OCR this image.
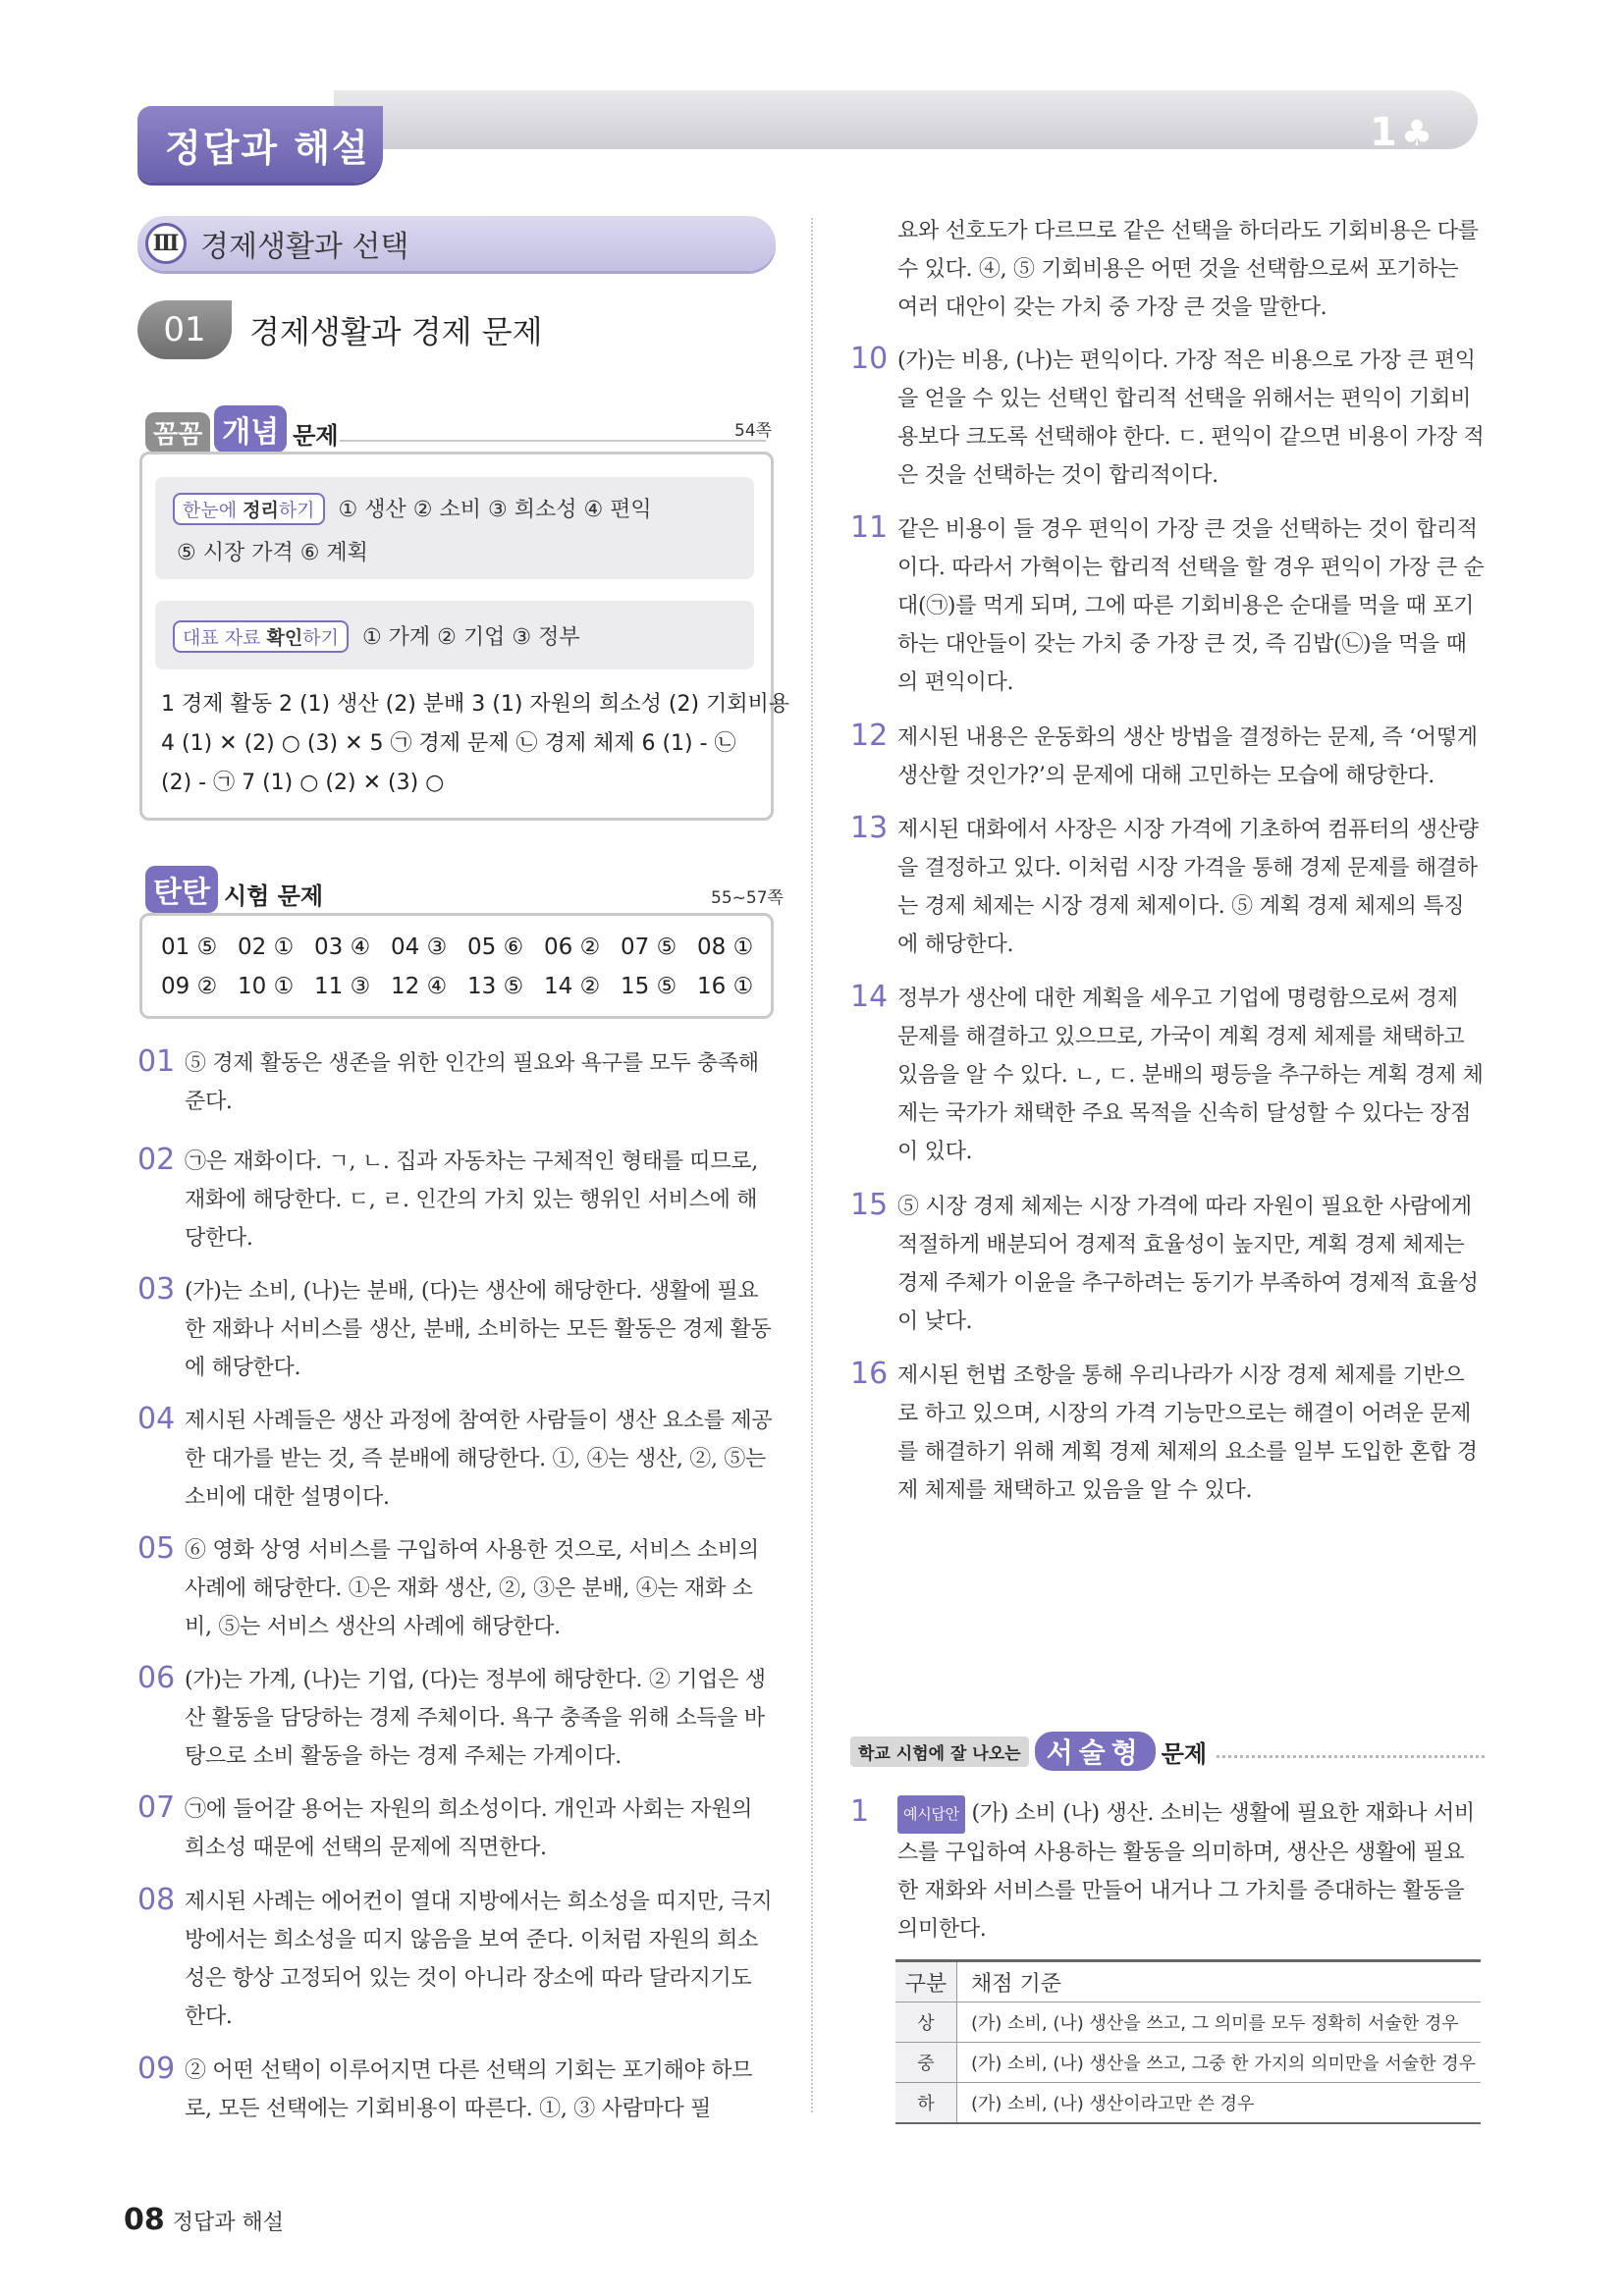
정답과 해설	1 ♣
Ⅲ 경제생활과 선택
01	경제생활과 경제 문제
꼼꼼 개념 문제	54쪽
한눈에 정리하기 ① 생산 ② 소비 ③ 희소성 ④ 편익
⑤ 시장 가격 ⑥ 계획
대표 자료 확인하기 ① 가계 ② 기업 ③ 정부
1 경제 활동 2 (1) 생산 (2) 분배 3 (1) 자원의 희소성 (2) 기회비용
4 (1) ✕ (2) ○ (3) ✕ 5 ㉠ 경제 문제 ㉡ 경제 체제 6 (1) - ㉡
(2) - ㉠ 7 (1) ○ (2) ✕ (3) ○
탄탄 시험 문제	55~57쪽
01 ⑤ 02 ① 03 ④ 04 ③ 05 ⑥ 06 ② 07 ⑤ 08 ①
09 ② 10 ① 11 ③ 12 ④ 13 ⑤ 14 ② 15 ⑤ 16 ①
01 ⑤ 경제 활동은 생존을 위한 인간의 필요와 욕구를 모두 충족해 준다.
02 ㉠은 재화이다. ㄱ, ㄴ. 집과 자동차는 구체적인 형태를 띠므로, 재화에 해당한다. ㄷ, ㄹ. 인간의 가치 있는 행위인 서비스에 해당한다.
03 (가)는 소비, (나)는 분배, (다)는 생산에 해당한다. 생활에 필요한 재화나 서비스를 생산, 분배, 소비하는 모든 활동은 경제 활동에 해당한다.
04 제시된 사례들은 생산 과정에 참여한 사람들이 생산 요소를 제공한 대가를 받는 것, 즉 분배에 해당한다. ①, ④는 생산, ②, ⑤는 소비에 대한 설명이다.
05 ⑥ 영화 상영 서비스를 구입하여 사용한 것으로, 서비스 소비의 사례에 해당한다. ①은 재화 생산, ②, ③은 분배, ④는 재화 소비, ⑤는 서비스 생산의 사례에 해당한다.
06 (가)는 가계, (나)는 기업, (다)는 정부에 해당한다. ② 기업은 생산 활동을 담당하는 경제 주체이다. 욕구 충족을 위해 소득을 바탕으로 소비 활동을 하는 경제 주체는 가계이다.
07 ㉠에 들어갈 용어는 자원의 희소성이다. 개인과 사회는 자원의 희소성 때문에 선택의 문제에 직면한다.
08 제시된 사례는 에어컨이 열대 지방에서는 희소성을 띠지만, 극지방에서는 희소성을 띠지 않음을 보여 준다. 이처럼 자원의 희소성은 항상 고정되어 있는 것이 아니라 장소에 따라 달라지기도 한다.
09 ② 어떤 선택이 이루어지면 다른 선택의 기회는 포기해야 하므로, 모든 선택에는 기회비용이 따른다. ①, ③ 사람마다 필
요와 선호도가 다르므로 같은 선택을 하더라도 기회비용은 다를 수 있다. ④, ⑤ 기회비용은 어떤 것을 선택함으로써 포기하는 여러 대안이 갖는 가치 중 가장 큰 것을 말한다.
10 (가)는 비용, (나)는 편익이다. 가장 적은 비용으로 가장 큰 편익을 얻을 수 있는 선택인 합리적 선택을 위해서는 편익이 기회비용보다 크도록 선택해야 한다. ㄷ. 편익이 같으면 비용이 가장 적은 것을 선택하는 것이 합리적이다.
11 같은 비용이 들 경우 편익이 가장 큰 것을 선택하는 것이 합리적이다. 따라서 가혁이는 합리적 선택을 할 경우 편익이 가장 큰 순대(㉠)를 먹게 되며, 그에 따른 기회비용은 순대를 먹을 때 포기하는 대안들이 갖는 가치 중 가장 큰 것, 즉 김밥(㉡)을 먹을 때의 편익이다.
12 제시된 내용은 운동화의 생산 방법을 결정하는 문제, 즉 ‘어떻게 생산할 것인가?’의 문제에 대해 고민하는 모습에 해당한다.
13 제시된 대화에서 사장은 시장 가격에 기초하여 컴퓨터의 생산량을 결정하고 있다. 이처럼 시장 가격을 통해 경제 문제를 해결하는 경제 체제는 시장 경제 체제이다. ⑤ 계획 경제 체제의 특징에 해당한다.
14 정부가 생산에 대한 계획을 세우고 기업에 명령함으로써 경제 문제를 해결하고 있으므로, 가국이 계획 경제 체제를 채택하고 있음을 알 수 있다. ㄴ, ㄷ. 분배의 평등을 추구하는 계획 경제 체제는 국가가 채택한 주요 목적을 신속히 달성할 수 있다는 장점이 있다.
15 ⑤ 시장 경제 체제는 시장 가격에 따라 자원이 필요한 사람에게 적절하게 배분되어 경제적 효율성이 높지만, 계획 경제 체제는 경제 주체가 이윤을 추구하려는 동기가 부족하여 경제적 효율성이 낮다.
16 제시된 헌법 조항을 통해 우리나라가 시장 경제 체제를 기반으로 하고 있으며, 시장의 가격 기능만으로는 해결이 어려운 문제를 해결하기 위해 계획 경제 체제의 요소를 일부 도입한 혼합 경제 체제를 채택하고 있음을 알 수 있다.
학교 시험에 잘 나오는 서술형 문제
1	예시답안 (가) 소비 (나) 생산. 소비는 생활에 필요한 재화나 서비스를 구입하여 사용하는 활동을 의미하며, 생산은 생활에 필요한 재화와 서비스를 만들어 내거나 그 가치를 증대하는 활동을 의미한다.
구분	채점 기준
상	(가) 소비, (나) 생산을 쓰고, 그 의미를 모두 정확히 서술한 경우
중	(가) 소비, (나) 생산을 쓰고, 그중 한 가지의 의미만을 서술한 경우
하	(가) 소비, (나) 생산이라고만 쓴 경우
08 정답과 해설
